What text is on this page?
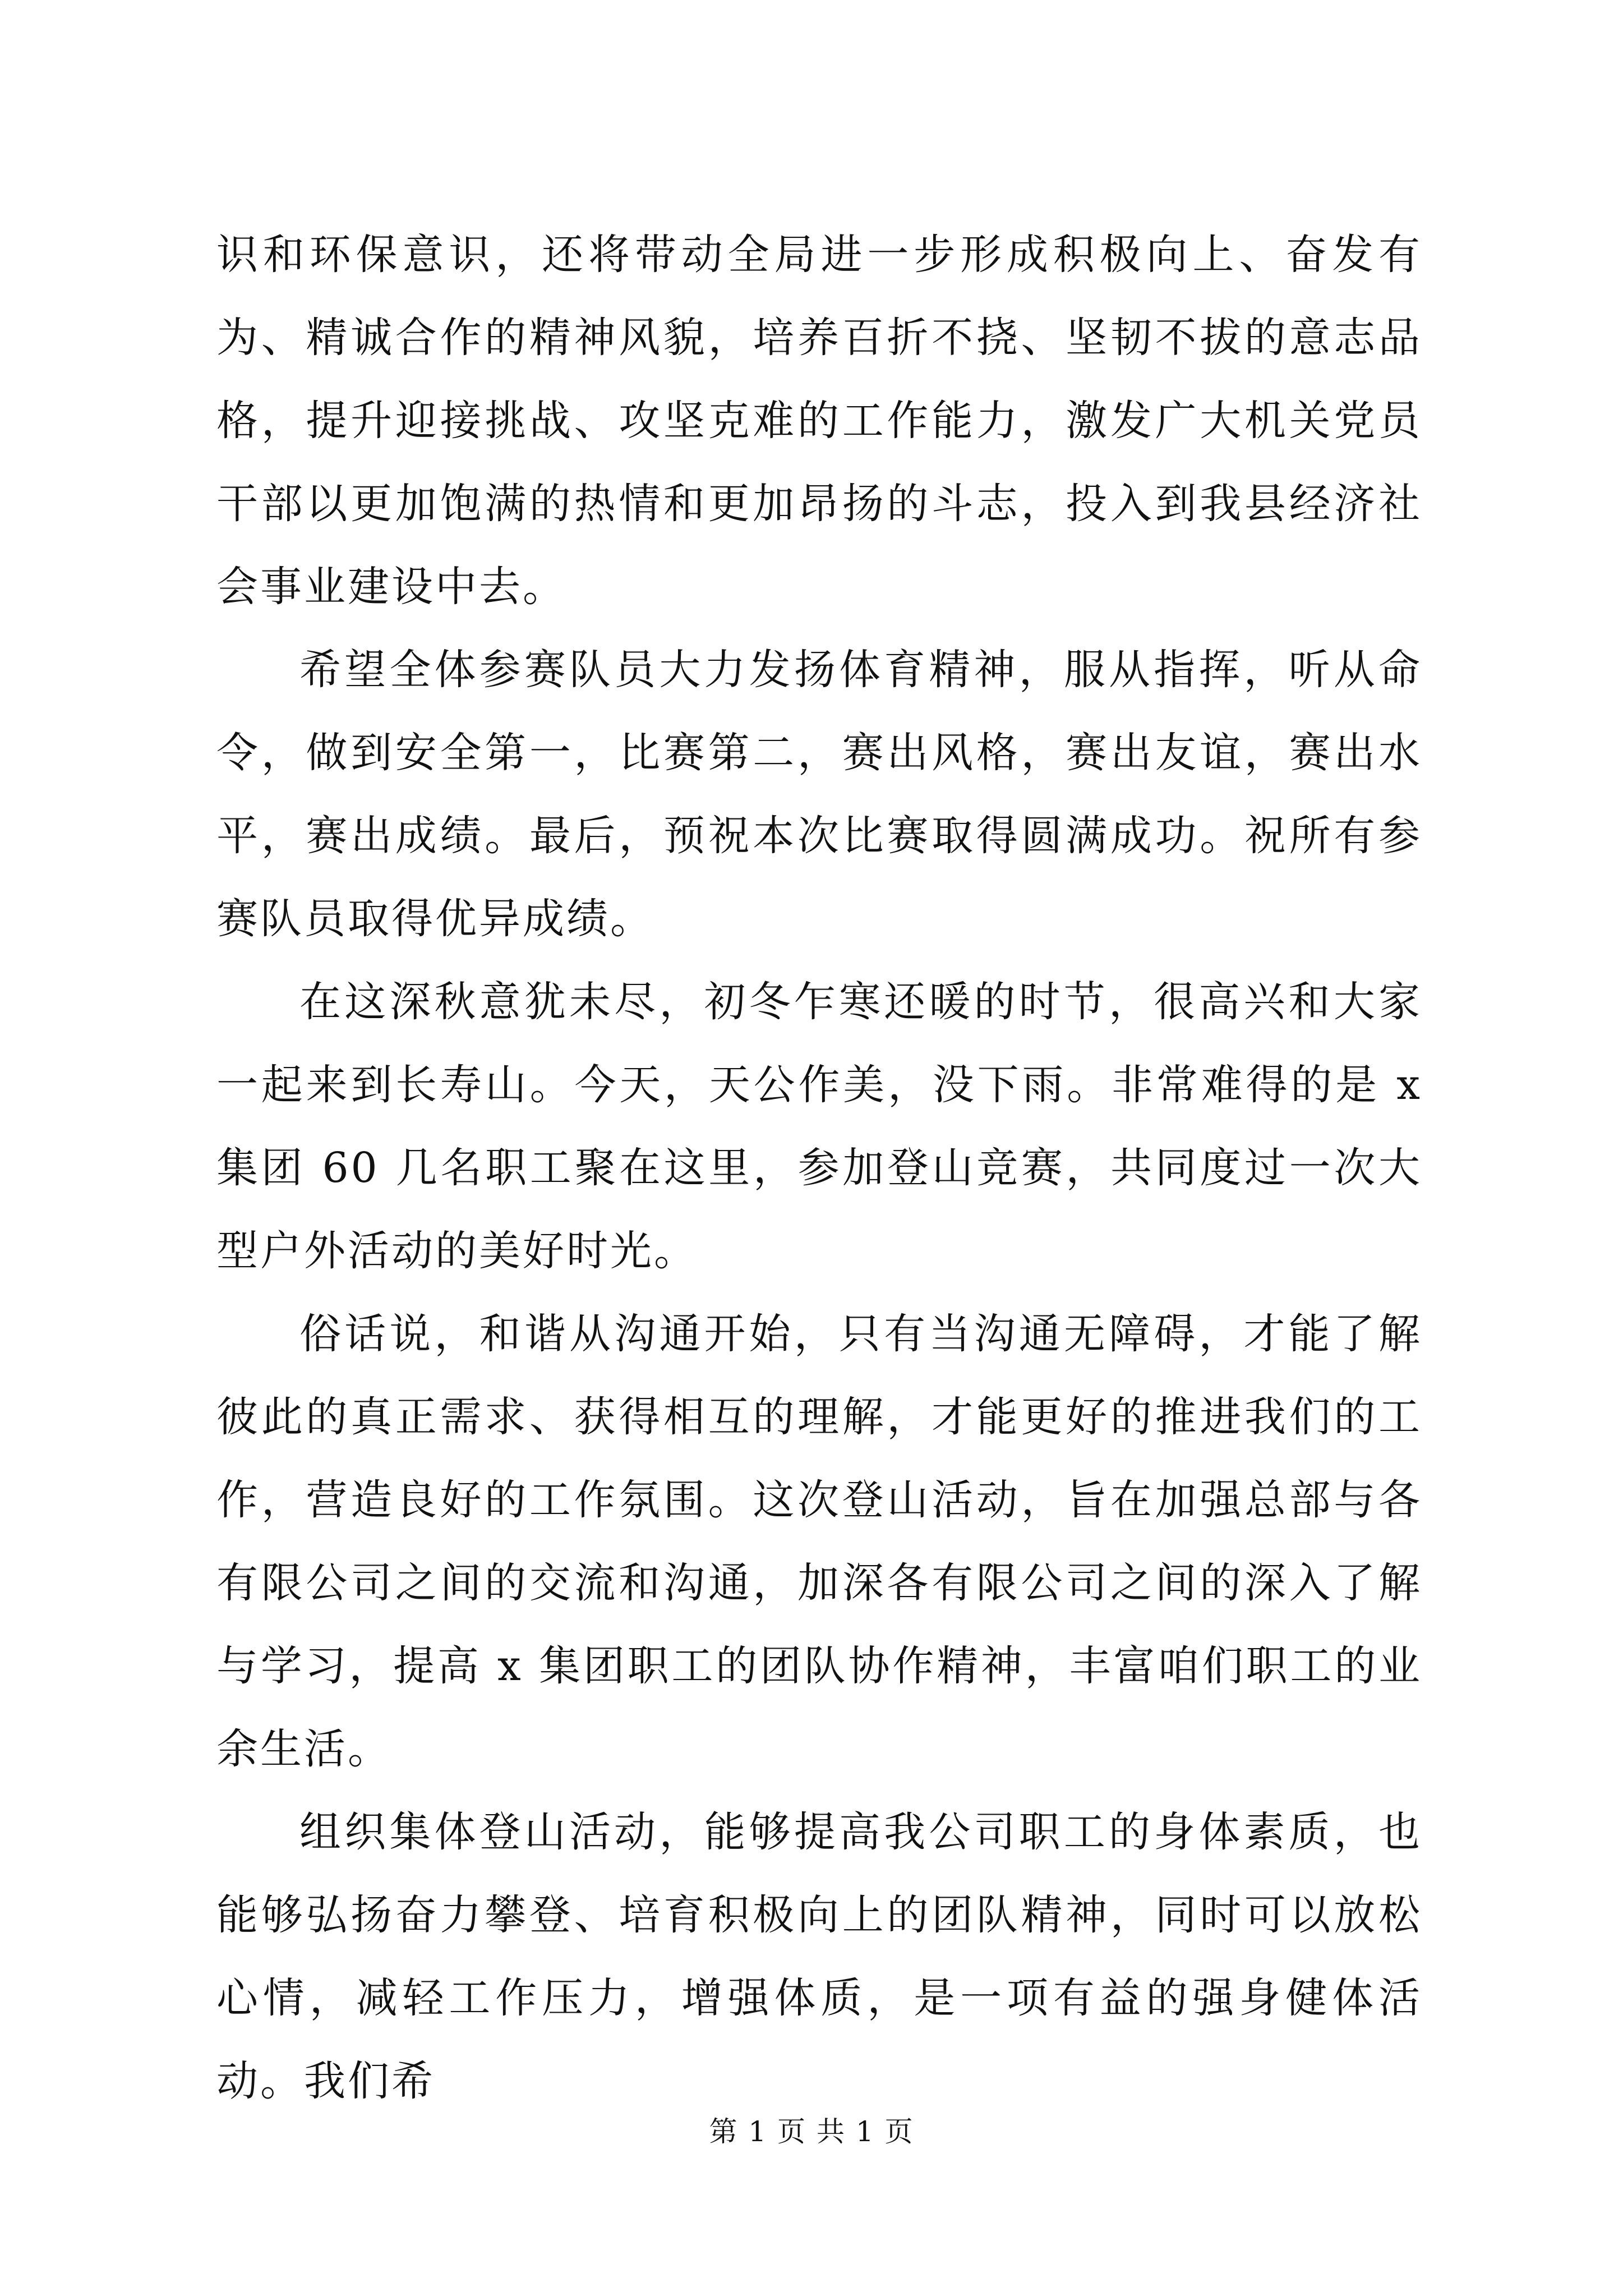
识和环保意识，还将带动全局进一步形成积极向上、奋发有为、精诚合作的精神风貌，培养百折不挠、坚韧不拔的意志品格，提升迎接挑战、攻坚克难的工作能力，激发广大机关党员干部以更加饱满的热情和更加昂扬的斗志，投入到我县经济社会事业建设中去。

希望全体参赛队员大力发扬体育精神，服从指挥，听从命令，做到安全第一，比赛第二，赛出风格，赛出友谊，赛出水平，赛出成绩。最后，预祝本次比赛取得圆满成功。祝所有参赛队员取得优异成绩。

在这深秋意犹未尽，初冬乍寒还暖的时节，很高兴和大家一起来到长寿山。今天，天公作美，没下雨。非常难得的是 x 集团 60 几名职工聚在这里，参加登山竞赛，共同度过一次大型户外活动的美好时光。

俗话说，和谐从沟通开始，只有当沟通无障碍，才能了解彼此的真正需求、获得相互的理解，才能更好的推进我们的工作，营造良好的工作氛围。这次登山活动，旨在加强总部与各有限公司之间的交流和沟通，加深各有限公司之间的深入了解与学习，提高 x 集团职工的团队协作精神，丰富咱们职工的业余生活。

组织集体登山活动，能够提高我公司职工的身体素质，也能够弘扬奋力攀登、培育积极向上的团队精神，同时可以放松心情，减轻工作压力，增强体质，是一项有益的强身健体活动。我们希

第 1 页 共 1 页
